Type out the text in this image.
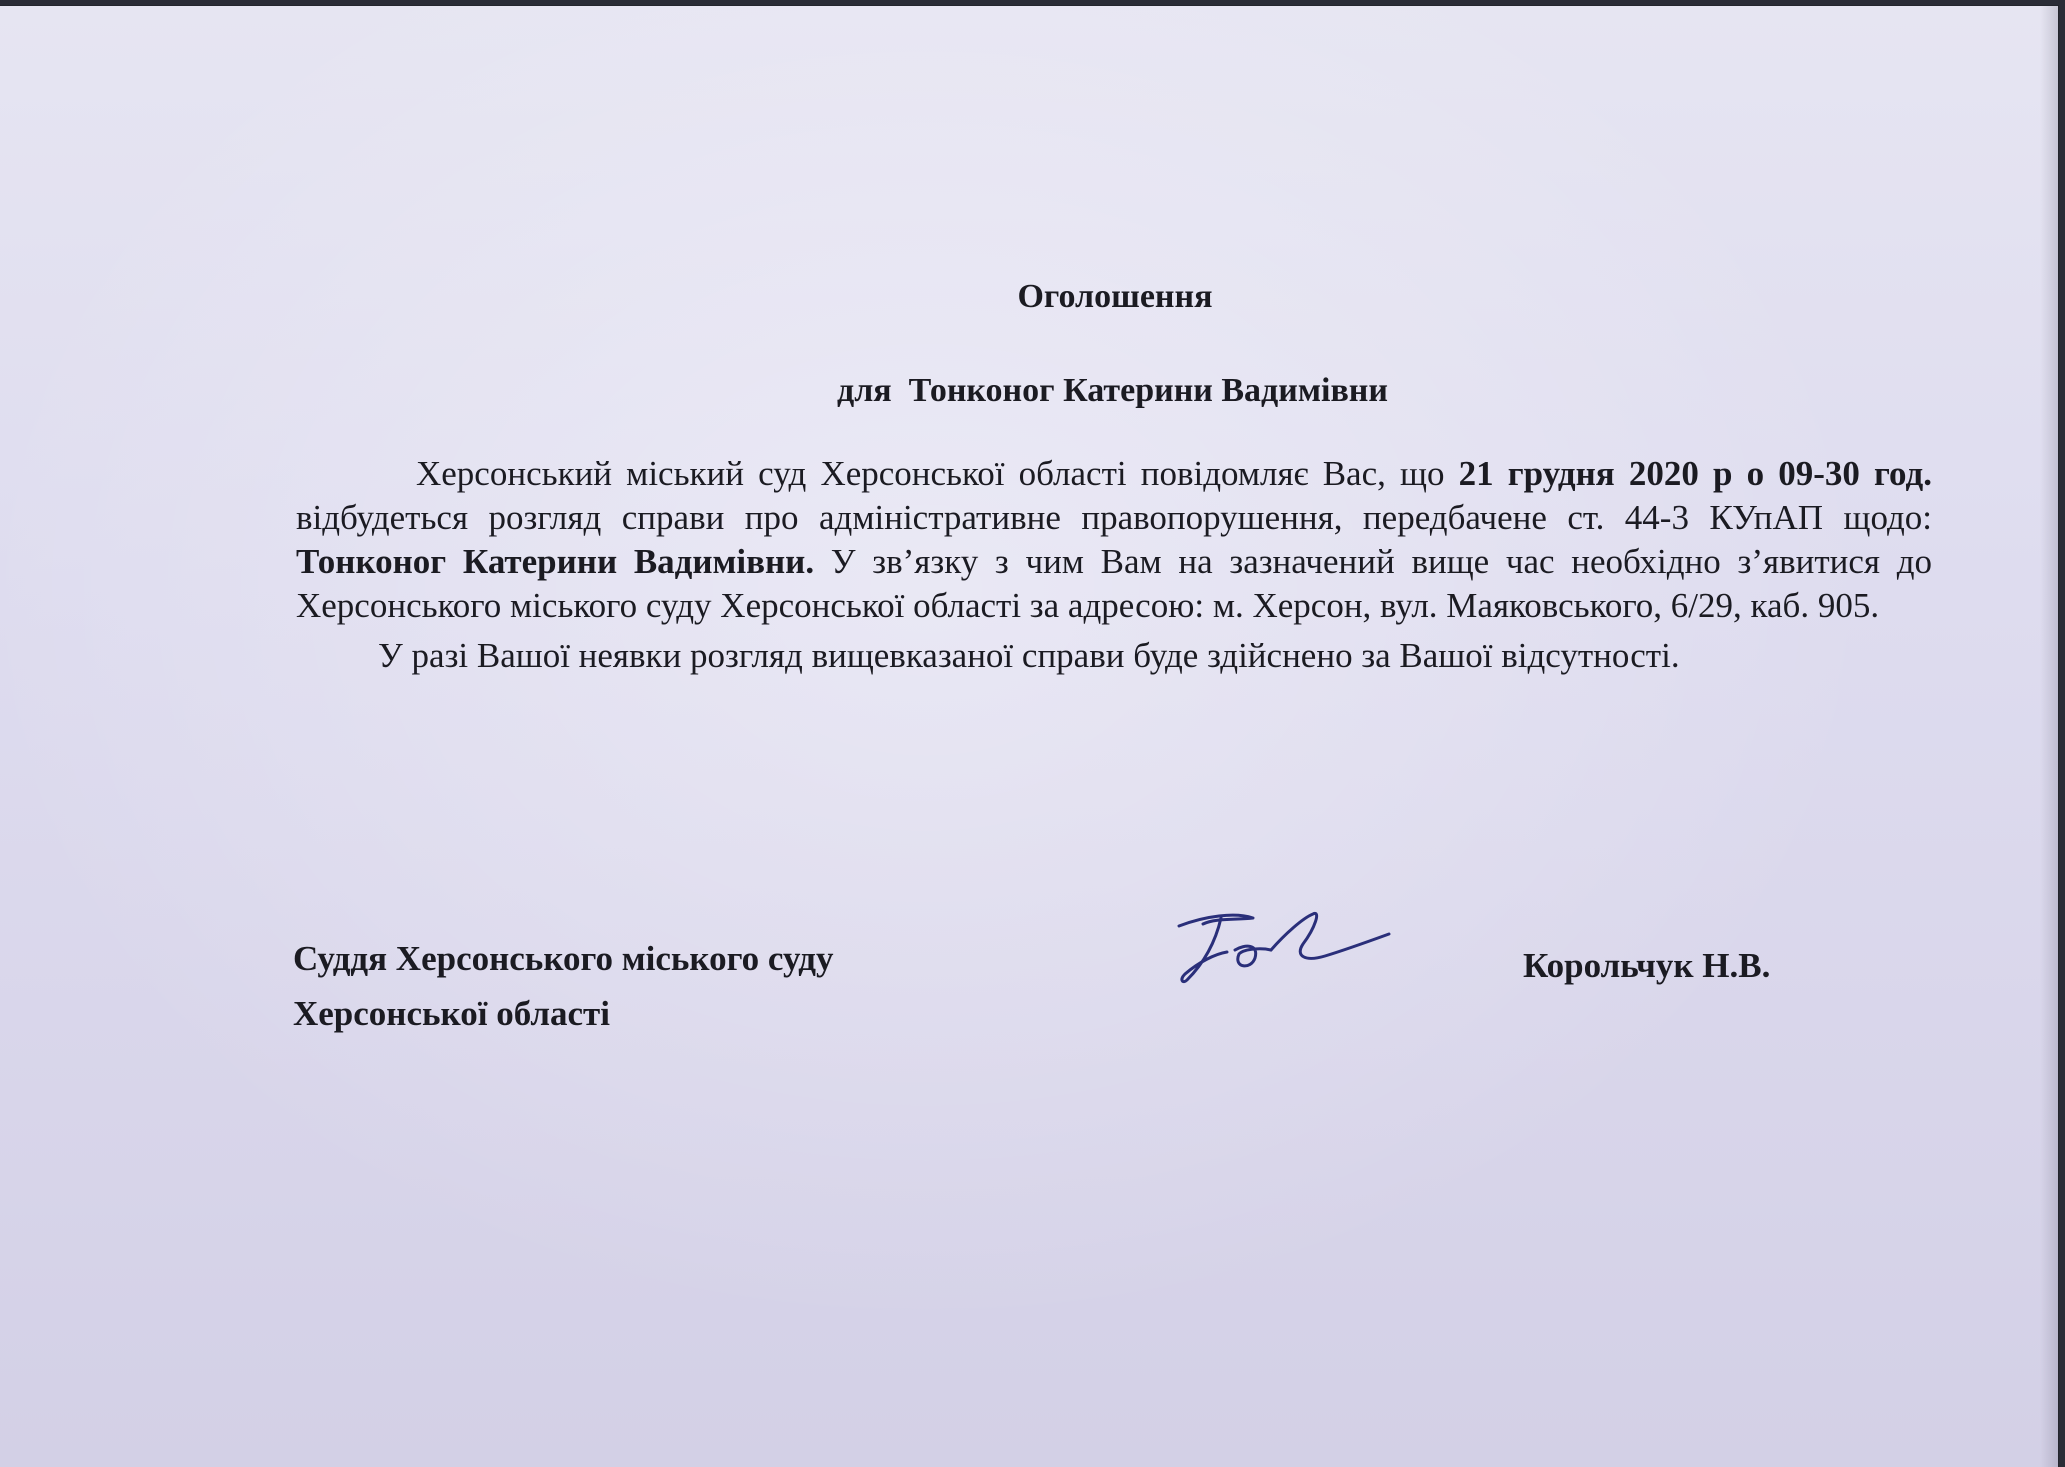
Оголошення
для  Тонконог Катерини Вадимівни

Херсонський міський суд Херсонської області повідомляє Вас, що 21 грудня 2020 р о 09-30 год. відбудеться розгляд справи про адміністративне правопорушення, передбачене ст. 44-3 КУпАП щодо: Тонконог Катерини Вадимівни. У зв’язку з чим Вам на зазначений вище час необхідно з’явитися до Херсонського міського суду Херсонської області за адресою: м. Херсон, вул. Маяковського, 6/29, каб. 905.

У разі Вашої неявки розгляд вищевказаної справи буде здійснено за Вашої відсутності.

Суддя Херсонського міського суду
Херсонської області
Корольчук Н.В.
